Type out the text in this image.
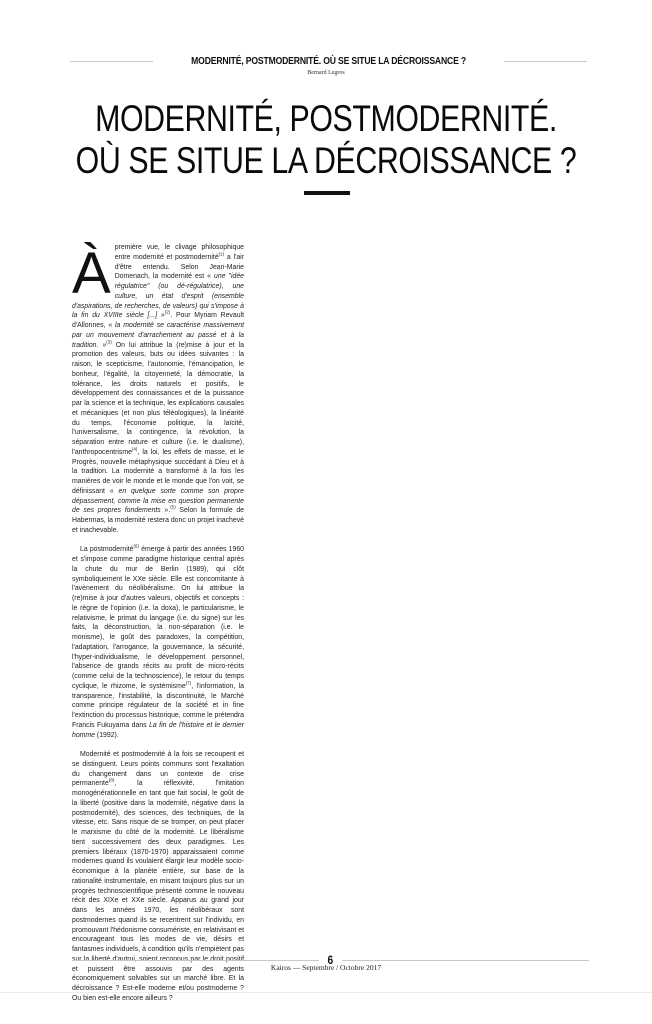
MODERNITÉ, POSTMODERNITÉ. OÙ SE SITUE LA DÉCROISSANCE ?
Bernard Legros
MODERNITÉ, POSTMODERNITÉ.
OÙ SE SITUE LA DÉCROISSANCE ?

À première vue, le clivage philosophique entre modernité et postmodernité$^{(1)}$ a l'air d'être entendu. Selon Jean-Marie Domenach, la modernité est « une "idée régulatrice" (ou dé-régulatrice), une culture, un état d'esprit (ensemble d'aspirations, de recherches, de valeurs) qui s'impose à la fin du XVIIIe siècle [...] »$^{(2)}$. Pour Myriam Revault d'Allonnes, « la modernité se caractérise massivement par un mouvement d'arrachement au passé et à la tradition. »$^{(3)}$ On lui attribue la (re)mise à jour et la promotion des valeurs, buts ou idées suivantes : la raison, le scepticisme, l'autonomie, l'émancipation, le bonheur, l'égalité, la citoyenneté, la démocratie, la tolérance, les droits naturels et positifs, le développement des connaissances et de la puissance par la science et la technique, les explications causales et mécaniques (et non plus téléologiques), la linéarité du temps, l'économie politique, la laïcité, l'universalisme, la contingence, la révolution, la séparation entre nature et culture (i.e. le dualisme), l'anthropocentrisme$^{(4)}$, la loi, les effets de masse, et le Progrès, nouvelle métaphysique succédant à Dieu et à la tradition. La modernité a transformé à la fois les manières de voir le monde et le monde que l'on voit, se définissant « en quelque sorte comme son propre dépassement, comme la mise en question permanente de ses propres fondements ».$^{(5)}$ Selon la formule de Habermas, la modernité restera donc un projet inachevé et inachevable.

La postmodernité$^{(6)}$ émerge à partir des années 1960 et s'impose comme paradigme historique central après la chute du mur de Berlin (1989), qui clôt symboliquement le XXe siècle. Elle est concomitante à l'avènement du néolibéralisme. On lui attribue la (re)mise à jour d'autres valeurs, objectifs et concepts : le règne de l'opinion (i.e. la doxa), le particularisme, le relativisme, le primat du langage (i.e. du signe) sur les faits, la déconstruction, la non-séparation (i.e. le monisme), le goût des paradoxes, la compétition, l'adaptation, l'arrogance, la gouvernance, la sécurité, l'hyper-individualisme, le développement personnel, l'absence de grands récits au profit de micro-récits (comme celui de la technoscience), le retour du temps cyclique, le rhizome, le systémisme$^{(7)}$, l'information, la transparence, l'instabilité, la discontinuité, le Marché comme principe régulateur de la société et in fine l'extinction du processus historique, comme le prétendra Francis Fukuyama dans La fin de l'histoire et le dernier homme (1992).

Modernité et postmodernité à la fois se recoupent et se distinguent. Leurs points communs sont l'exaltation du changement dans un contexte de crise permanente$^{(8)}$, la réflexivité, l'imitation monogénérationnelle en tant que fait social, le goût de la liberté (positive dans la modernité, négative dans la postmodernité), des sciences, des techniques, de la vitesse, etc. Sans risque de se tromper, on peut placer le marxisme du côté de la modernité. Le libéralisme tient successivement des deux paradigmes. Les premiers libéraux (1870-1970) apparaissaient comme modernes quand ils voulaient élargir leur modèle socio-économique à la planète entière, sur base de la rationalité instrumentale, en misant toujours plus sur un progrès technoscientifique présenté comme le nouveau récit des XIXe et XXe siècle. Apparus au grand jour dans les années 1970, les néolibéraux sont postmodernes quand ils se recentrent sur l'individu, en promouvant l'hédonisme consumériste, en relativisant et encourageant tous les modes de vie, désirs et fantasmes individuels, à condition qu'ils n'empiètent pas et puissent être assouvis par des agents économiquement solvables sur un marché libre. Et la décroissance ? Est-elle moderne et/ou postmoderne ? Ou bien est-elle encore ailleurs ?

6
Kairos — Septembre / Octobre 2017
